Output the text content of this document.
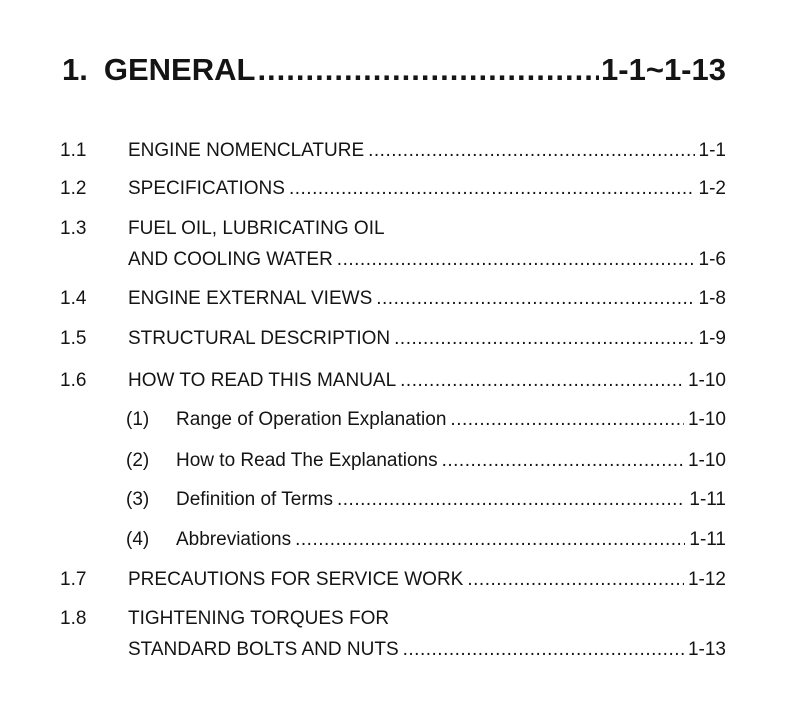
1. GENERAL .....	1-1~1-13
1.1 ENGINE NOMENCLATURE .....	1-1
1.2 SPECIFICATIONS .....	1-2
1.3 FUEL OIL, LUBRICATING OIL
AND COOLING WATER .....	1-6
1.4 ENGINE EXTERNAL VIEWS .....	1-8
1.5 STRUCTURAL DESCRIPTION .....	1-9
1.6 HOW TO READ THIS MANUAL .....	1-10
(1) Range of Operation Explanation .....	1-10
(2) How to Read The Explanations .....	1-10
(3) Definition of Terms .....	1-11
(4) Abbreviations .....	1-11
1.7 PRECAUTIONS FOR SERVICE WORK .....	1-12
1.8 TIGHTENING TORQUES FOR
STANDARD BOLTS AND NUTS .....	1-13
